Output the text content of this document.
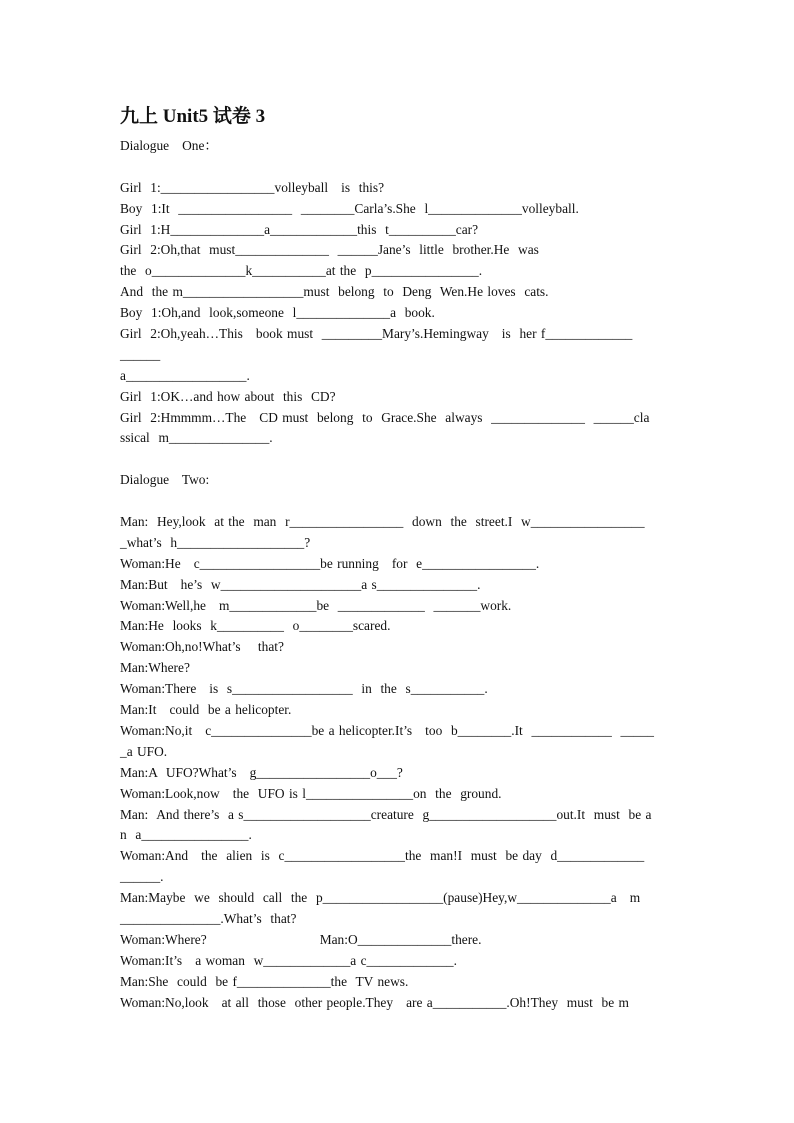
九上 Unit5 试卷 3
Dialogue   One：
Girl  1:_________________volleyball   is  this?
Boy  1:It  _________________  ________Carla’s.She  l______________volleyball.
Girl  1:H______________a_____________this  t__________car?
Girl  2:Oh,that  must______________  ______Jane’s  little  brother.He  was
the  o______________k___________at the  p________________.
And  the m__________________must  belong  to  Deng  Wen.He loves  cats.
Boy  1:Oh,and  look,someone  l______________a  book.
Girl  2:Oh,yeah…This   book must  _________Mary’s.Hemingway   is  her f_____________
______
a__________________.
Girl  1:OK…and how about  this  CD?
Girl  2:Hmmmm…The   CD must  belong  to  Grace.She  always  ______________  ______cla
ssical  m_______________.
Dialogue   Two:
Man:  Hey,look  at the  man  r_________________  down  the  street.I  w_________________
_what’s  h___________________?
Woman:He   c__________________be running   for  e_________________.
Man:But   he’s  w_____________________a s_______________.
Woman:Well,he   m_____________be  _____________  _______work.
Man:He  looks  k__________  o________scared.
Woman:Oh,no!What’s    that?
Man:Where?
Woman:There   is  s__________________  in  the  s___________.
Man:It   could  be a helicopter.
Woman:No,it   c_______________be a helicopter.It’s   too  b________.It  ____________  _____
_a UFO.
Man:A  UFO?What’s   g_________________o___?
Woman:Look,now   the  UFO is l________________on  the  ground.
Man:  And there’s  a s___________________creature  g___________________out.It  must  be a
n  a________________.
Woman:And   the  alien  is  c__________________the  man!I  must  be day  d_____________
______.
Man:Maybe  we  should  call  the  p__________________(pause)Hey,w______________a   m
_______________.What’s  that?
Woman:Where?                          Man:O______________there.
Woman:It’s   a woman  w_____________a c_____________.
Man:She  could  be f______________the  TV news.
Woman:No,look   at all  those  other people.They   are a___________.Oh!They  must  be m
